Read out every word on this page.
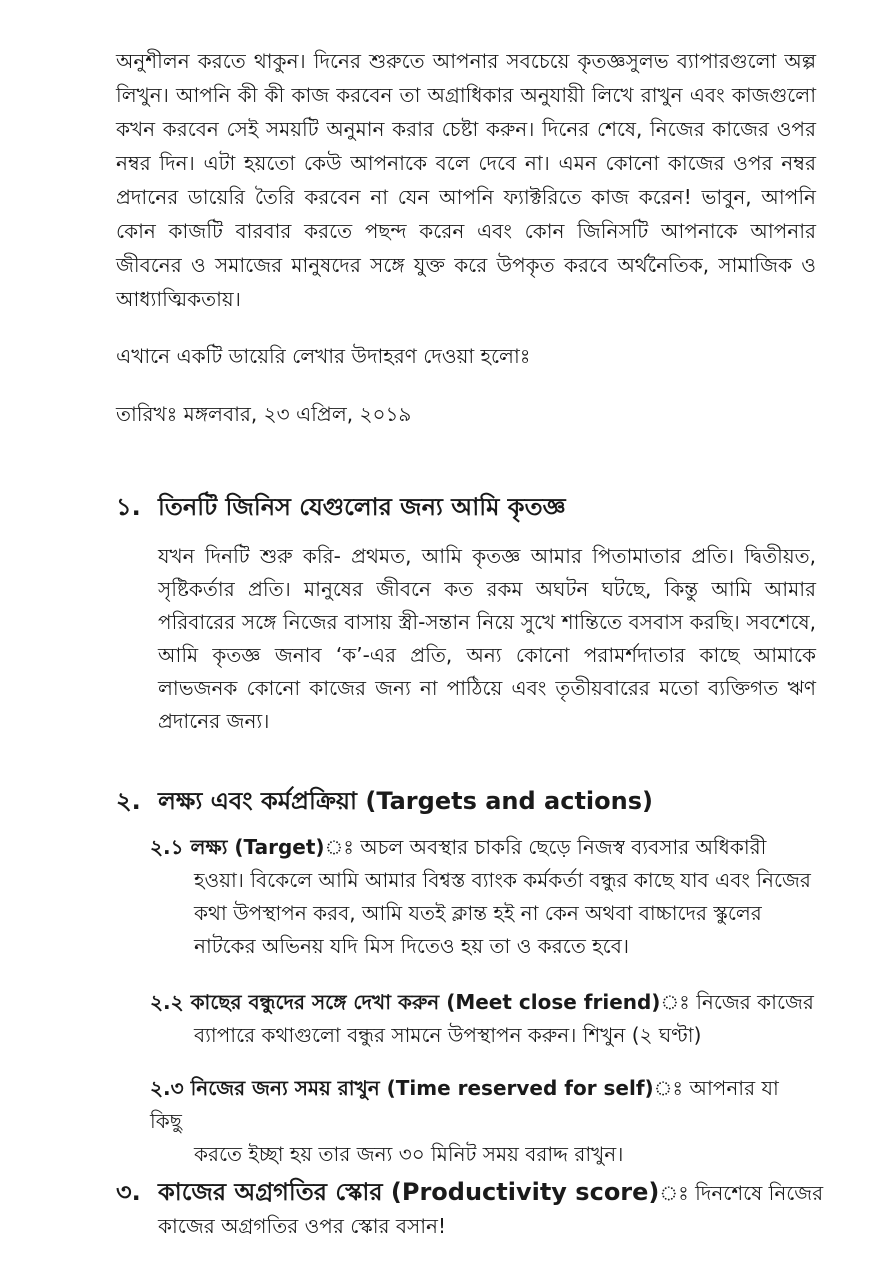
অনুশীলন করতে থাকুন। দিনের শুরুতে আপনার সবচেয়ে কৃতজ্ঞসুলভ ব্যাপারগুলো অল্প লিখুন। আপনি কী কী কাজ করবেন তা অগ্রাধিকার অনুযায়ী লিখে রাখুন এবং কাজগুলো কখন করবেন সেই সময়টি অনুমান করার চেষ্টা করুন। দিনের শেষে, নিজের কাজের ওপর নম্বর দিন। এটা হয়তো কেউ আপনাকে বলে দেবে না। এমন কোনো কাজের ওপর নম্বর প্রদানের ডায়েরি তৈরি করবেন না যেন আপনি ফ্যাক্টরিতে কাজ করেন! ভাবুন, আপনি কোন কাজটি বারবার করতে পছন্দ করেন এবং কোন জিনিসটি আপনাকে আপনার জীবনের ও সমাজের মানুষদের সঙ্গে যুক্ত করে উপকৃত করবে অর্থনৈতিক, সামাজিক ও আধ্যাত্মিকতায়।

এখানে একটি ডায়েরি লেখার উদাহরণ দেওয়া হলোঃ

তারিখঃ মঙ্গলবার, ২৩ এপ্রিল, ২০১৯

১. তিনটি জিনিস যেগুলোর জন্য আমি কৃতজ্ঞ

যখন দিনটি শুরু করি- প্রথমত, আমি কৃতজ্ঞ আমার পিতামাতার প্রতি। দ্বিতীয়ত, সৃষ্টিকর্তার প্রতি। মানুষের জীবনে কত রকম অঘটন ঘটছে, কিন্তু আমি আমার পরিবারের সঙ্গে নিজের বাসায় স্ত্রী-সন্তান নিয়ে সুখে শান্তিতে বসবাস করছি। সবশেষে, আমি কৃতজ্ঞ জনাব ‘ক’-এর প্রতি, অন্য কোনো পরামর্শদাতার কাছে আমাকে লাভজনক কোনো কাজের জন্য না পাঠিয়ে এবং তৃতীয়বারের মতো ব্যক্তিগত ঋণ প্রদানের জন্য।

২. লক্ষ্য এবং কর্মপ্রক্রিয়া (Targets and actions)

২.১ লক্ষ্য (Target)ঃ অচল অবস্থার চাকরি ছেড়ে নিজস্ব ব্যবসার অধিকারী
হওয়া। বিকেলে আমি আমার বিশ্বস্ত ব্যাংক কর্মকর্তা বন্ধুর কাছে যাব এবং নিজের কথা উপস্থাপন করব, আমি যতই ক্লান্ত হই না কেন অথবা বাচ্চাদের স্কুলের নাটকের অভিনয় যদি মিস দিতেও হয় তা ও করতে হবে।

২.২ কাছের বন্ধুদের সঙ্গে দেখা করুন (Meet close friend)ঃ নিজের কাজের
ব্যাপারে কথাগুলো বন্ধুর সামনে উপস্থাপন করুন। শিখুন (২ ঘণ্টা)

২.৩ নিজের জন্য সময় রাখুন (Time reserved for self)ঃ আপনার যা কিছু
করতে ইচ্ছা হয় তার জন্য ৩০ মিনিট সময় বরাদ্দ রাখুন।

৩. কাজের অগ্রগতির স্কোর (Productivity score)ঃ দিনশেষে নিজের

কাজের অগ্রগতির ওপর স্কোর বসান!
